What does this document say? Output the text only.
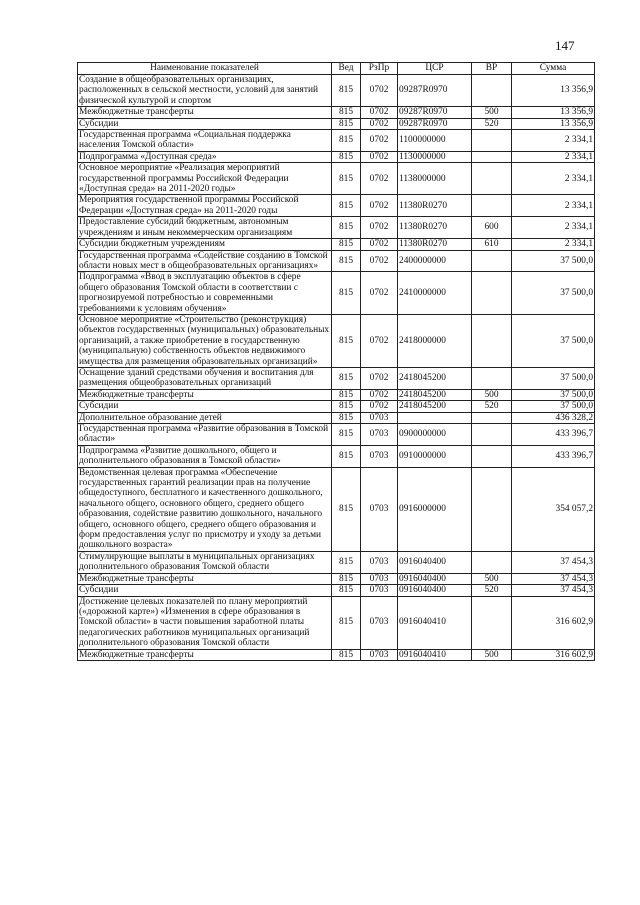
147
Наименование показателей	Вед	РзПр	ЦСР	ВР	Сумма
Создание в общеобразовательных организациях, расположенных в сельской местности, условий для занятий физической культурой и спортом	815	0702	09287R0970		13 356,9
Межбюджетные трансферты	815	0702	09287R0970	500	13 356,9
Субсидии	815	0702	09287R0970	520	13 356,9
Государственная программа «Социальная поддержка населения Томской области»	815	0702	1100000000		2 334,1
Подпрограмма «Доступная среда»	815	0702	1130000000		2 334,1
Основное мероприятие «Реализация мероприятий государственной программы Российской Федерации «Доступная среда» на 2011-2020 годы»	815	0702	1138000000		2 334,1
Мероприятия государственной программы Российской Федерации «Доступная среда» на 2011-2020 годы	815	0702	11380R0270		2 334,1
Предоставление субсидий бюджетным, автономным учреждениям и иным некоммерческим организациям	815	0702	11380R0270	600	2 334,1
Субсидии бюджетным учреждениям	815	0702	11380R0270	610	2 334,1
Государственная программа «Содействие созданию в Томской области новых мест в общеобразовательных организациях»	815	0702	2400000000		37 500,0
Подпрограмма «Ввод в эксплуатацию объектов в сфере общего образования Томской области в соответствии с прогнозируемой потребностью и современными требованиями к условиям обучения»	815	0702	2410000000		37 500,0
Основное мероприятие «Строительство (реконструкция) объектов государственных (муниципальных) образовательных организаций, а также приобретение в государственную (муниципальную) собственность объектов недвижимого имущества для размещения образовательных организаций»	815	0702	2418000000		37 500,0
Оснащение зданий средствами обучения и воспитания для размещения общеобразовательных организаций	815	0702	2418045200		37 500,0
Межбюджетные трансферты	815	0702	2418045200	500	37 500,0
Субсидии	815	0702	2418045200	520	37 500,0
Дополнительное образование детей	815	0703			436 328,2
Государственная программа «Развитие образования в Томской области»	815	0703	0900000000		433 396,7
Подпрограмма «Развитие дошкольного, общего и дополнительного образования в Томской области»	815	0703	0910000000		433 396,7
Ведомственная целевая программа «Обеспечение государственных гарантий реализации прав на получение общедоступного, бесплатного и качественного дошкольного, начального общего, основного общего, среднего общего образования, содействие развитию дошкольного, начального общего, основного общего, среднего общего образования и форм предоставления услуг по присмотру и уходу за детьми дошкольного возраста»	815	0703	0916000000		354 057,2
Стимулирующие выплаты в муниципальных организациях дополнительного образования Томской области	815	0703	0916040400		37 454,3
Межбюджетные трансферты	815	0703	0916040400	500	37 454,3
Субсидии	815	0703	0916040400	520	37 454,3
Достижение целевых показателей по плану мероприятий («дорожной карте») «Изменения в сфере образования в Томской области» в части повышения заработной платы педагогических работников муниципальных организаций дополнительного образования Томской области	815	0703	0916040410		316 602,9
Межбюджетные трансферты	815	0703	0916040410	500	316 602,9
